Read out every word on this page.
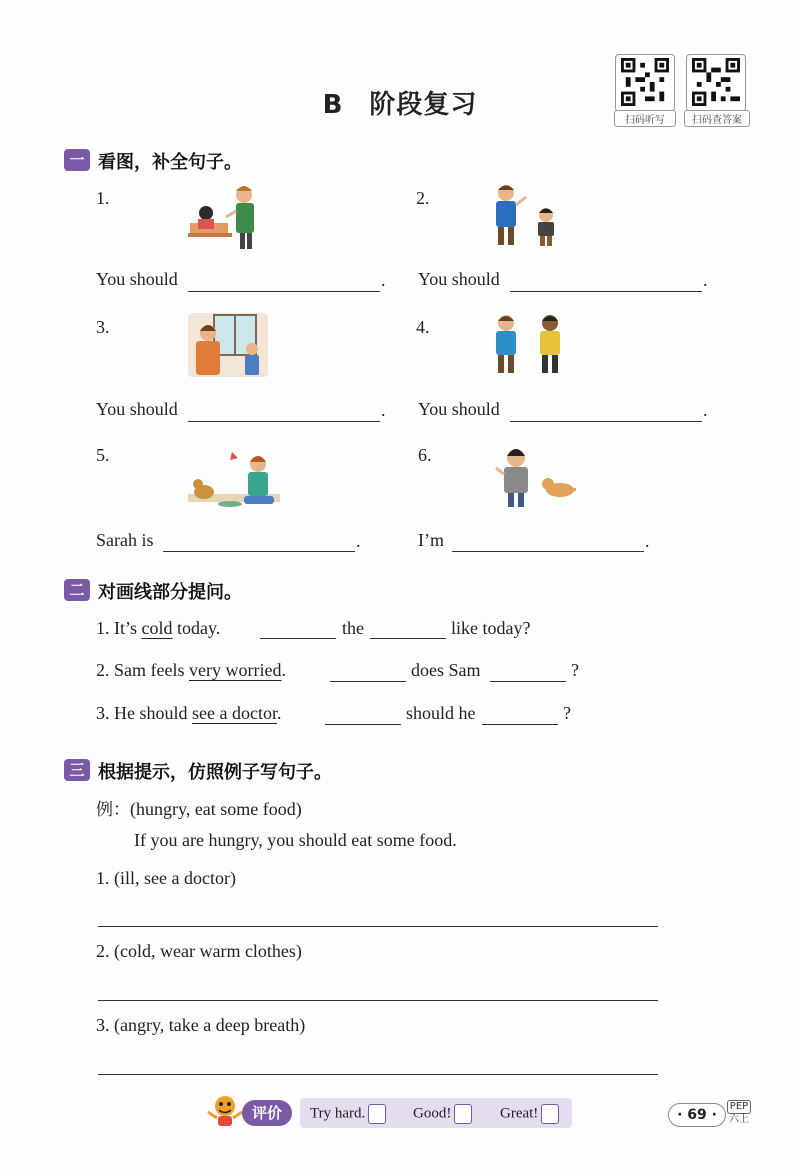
B 阶段复习
扫码听写	扫码查答案
一 看图，补全句子。
1.
You should	.
2.
You should	.
3.
You should	.
4.
You should	.
5.
Sarah is	.
6.
I’m	.
二 对画线部分提问。
1. It’s cold today.	the	like today?
2. Sam feels very worried.	does Sam	?
3. He should see a doctor.	should he	?
三 根据提示，仿照例子写句子。
例：(hungry, eat some food)
If you are hungry, you should eat some food.
1. (ill, see a doctor)
2. (cold, wear warm clothes)
3. (angry, take a deep breath)
评价	Try hard.	Good!	Great!	· 69 ·
PEP
六上
